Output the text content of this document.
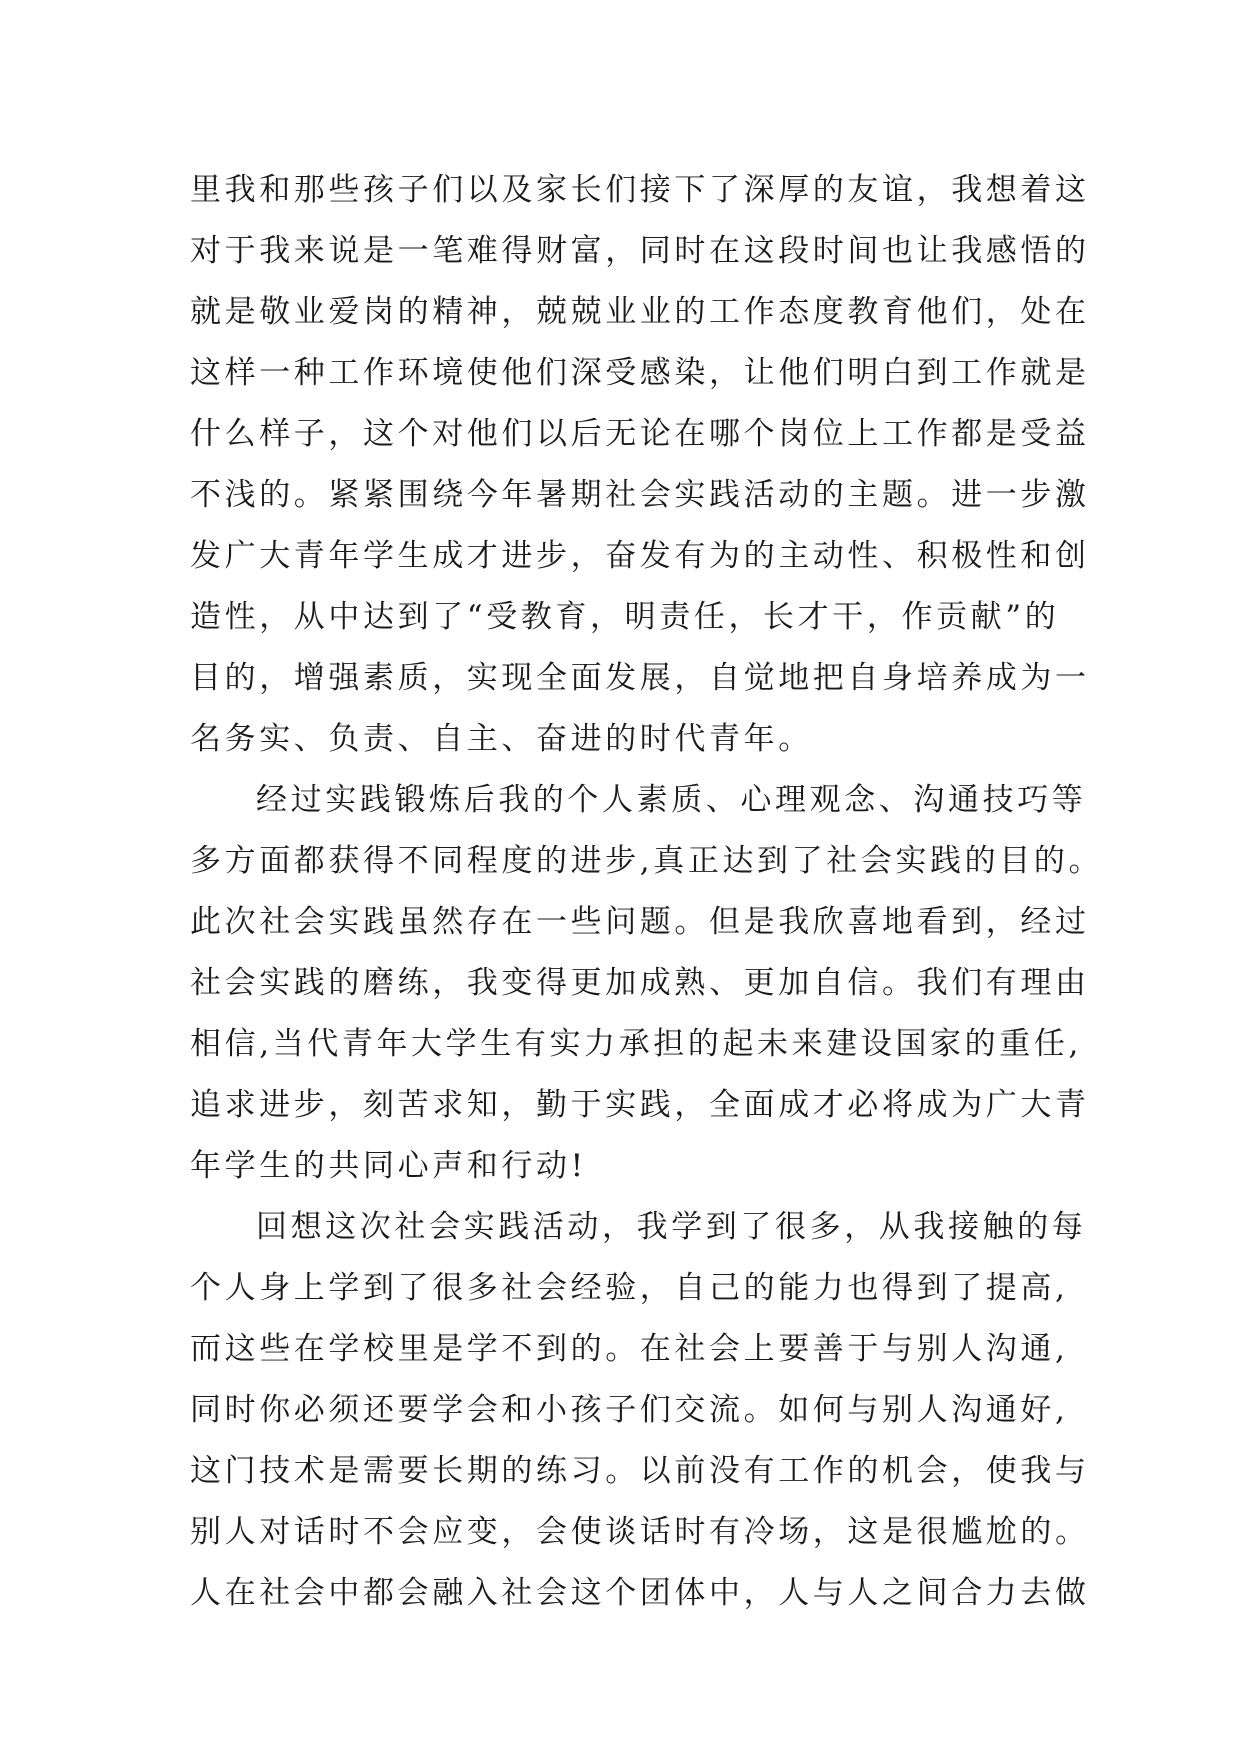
里我和那些孩子们以及家长们接下了深厚的友谊，我想着这
对于我来说是一笔难得财富，同时在这段时间也让我感悟的
就是敬业爱岗的精神，兢兢业业的工作态度教育他们，处在
这样一种工作环境使他们深受感染，让他们明白到工作就是
什么样子，这个对他们以后无论在哪个岗位上工作都是受益
不浅的。紧紧围绕今年暑期社会实践活动的主题。进一步激
发广大青年学生成才进步，奋发有为的主动性、积极性和创
造性，从中达到了“受教育，明责任，长才干，作贡献”的
目的，增强素质，实现全面发展，自觉地把自身培养成为一
名务实、负责、自主、奋进的时代青年。
经过实践锻炼后我的个人素质、心理观念、沟通技巧等
多方面都获得不同程度的进步,真正达到了社会实践的目的。
此次社会实践虽然存在一些问题。但是我欣喜地看到，经过
社会实践的磨练，我变得更加成熟、更加自信。我们有理由
相信,当代青年大学生有实力承担的起未来建设国家的重任,
追求进步，刻苦求知，勤于实践，全面成才必将成为广大青
年学生的共同心声和行动!
回想这次社会实践活动，我学到了很多，从我接触的每
个人身上学到了很多社会经验，自己的能力也得到了提高,
而这些在学校里是学不到的。在社会上要善于与别人沟通,
同时你必须还要学会和小孩子们交流。如何与别人沟通好,
这门技术是需要长期的练习。以前没有工作的机会，使我与
别人对话时不会应变，会使谈话时有冷场，这是很尴尬的。
人在社会中都会融入社会这个团体中，人与人之间合力去做
